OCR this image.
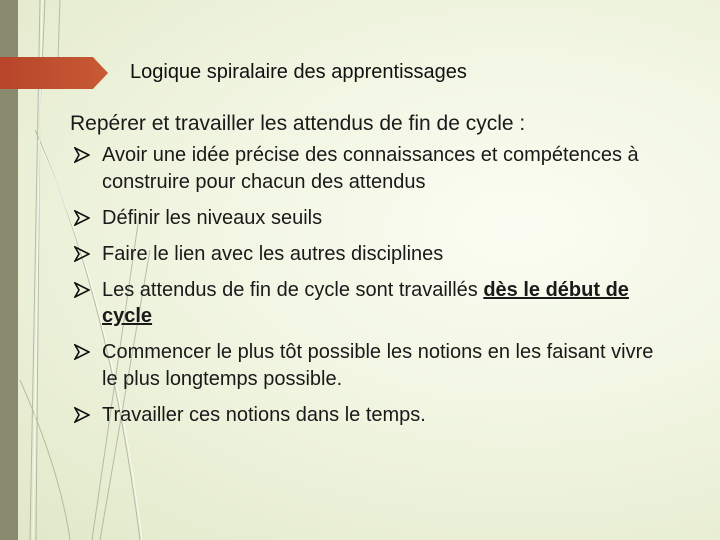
Logique spiralaire des apprentissages
Repérer et travailler les attendus de fin de cycle :
Avoir une idée précise des connaissances et compétences à construire pour chacun des attendus
Définir les niveaux seuils
Faire le lien avec les autres disciplines
Les attendus de fin de cycle sont travaillés dès le début de cycle
Commencer le plus tôt possible les notions en les faisant vivre le plus longtemps possible.
Travailler ces notions dans le temps.
